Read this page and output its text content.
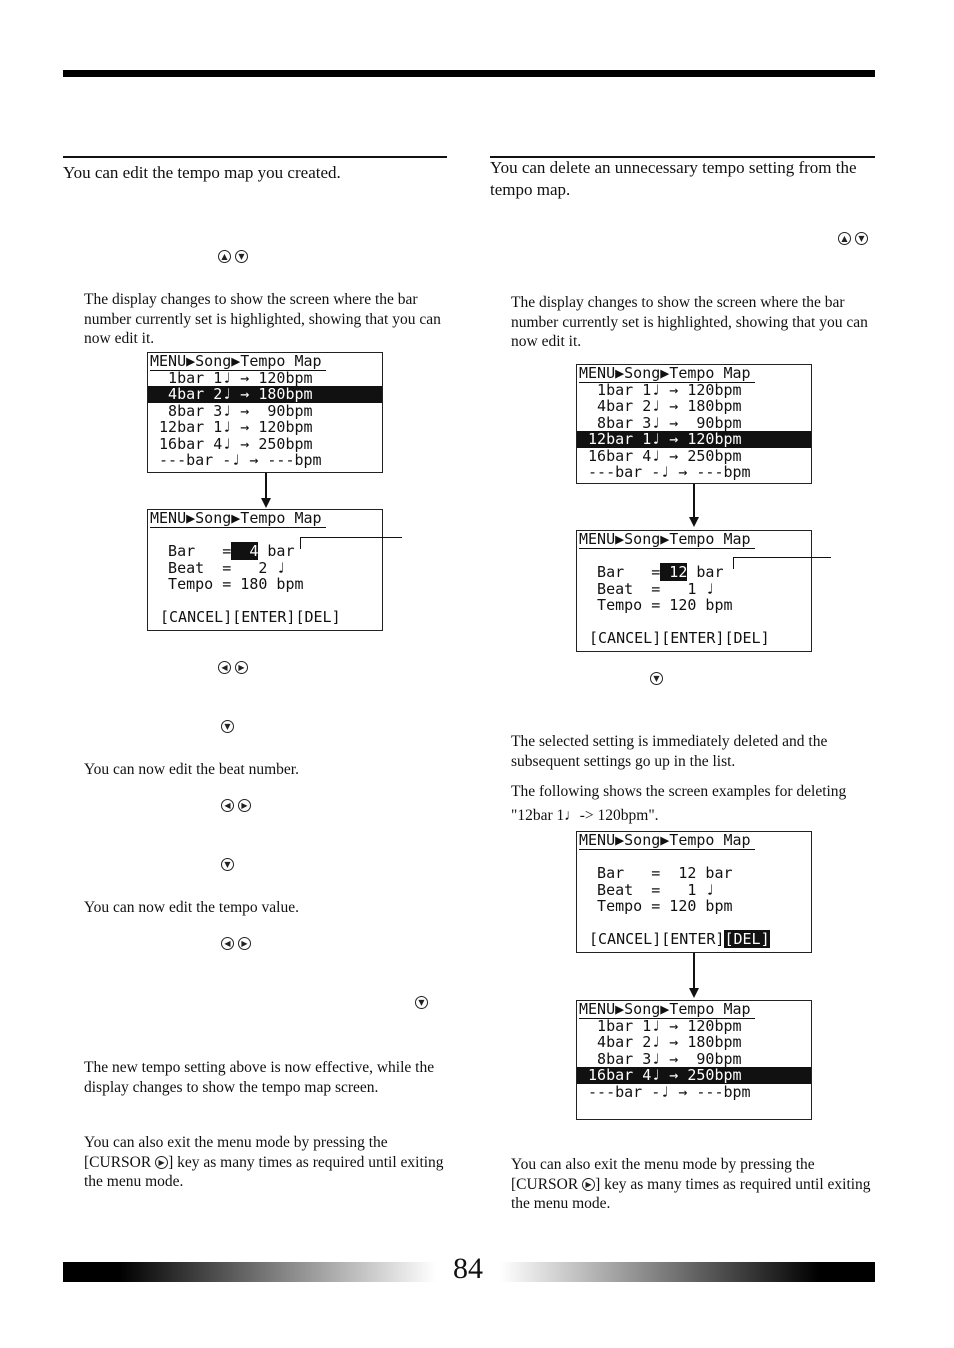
You can edit the tempo map you created.
▲	▼
The display changes to show the screen where the bar number currently set is highlighted, showing that you can now edit it.
MENU▶Song▶Tempo Map
1bar 1♩ → 120bpm
4bar 2♩ → 180bpm
8bar 3♩ →  90bpm
12bar 1♩ → 120bpm
16bar 4♩ → 250bpm
---bar -♩ → ---bpm
MENU▶Song▶Tempo Map

Bar   =  4 bar
Beat  =   2 ♩
Tempo = 180 bpm

[CANCEL][ENTER][DEL]
◀	▶
▼
You can now edit the beat number.
◀	▶
▼
You can now edit the tempo value.
◀	▶
▼
The new tempo setting above is now effective, while the display changes to show the tempo map screen.
You can also exit the menu mode by pressing the [CURSOR ▶ ] key as many times as required until exiting the menu mode.
You can delete an unnecessary tempo setting from the tempo map.
▲	▼
The display changes to show the screen where the bar number currently set is highlighted, showing that you can now edit it.
MENU▶Song▶Tempo Map
1bar 1♩ → 120bpm
4bar 2♩ → 180bpm
8bar 3♩ →  90bpm
12bar 1♩ → 120bpm
16bar 4♩ → 250bpm
---bar -♩ → ---bpm
MENU▶Song▶Tempo Map

Bar   = 12 bar
Beat  =   1 ♩
Tempo = 120 bpm

[CANCEL][ENTER][DEL]
▼
The selected setting is immediately deleted and the subsequent settings go up in the list.
The following shows the screen examples for deleting "12bar 1♩-> 120bpm".
MENU▶Song▶Tempo Map

Bar   =  12 bar
Beat  =   1 ♩
Tempo = 120 bpm

[CANCEL][ENTER][DEL]
MENU▶Song▶Tempo Map
1bar 1♩ → 120bpm
4bar 2♩ → 180bpm
8bar 3♩ →  90bpm
16bar 4♩ → 250bpm
---bar -♩ → ---bpm
You can also exit the menu mode by pressing the [CURSOR ▶ ] key as many times as required until exiting the menu mode.
84
